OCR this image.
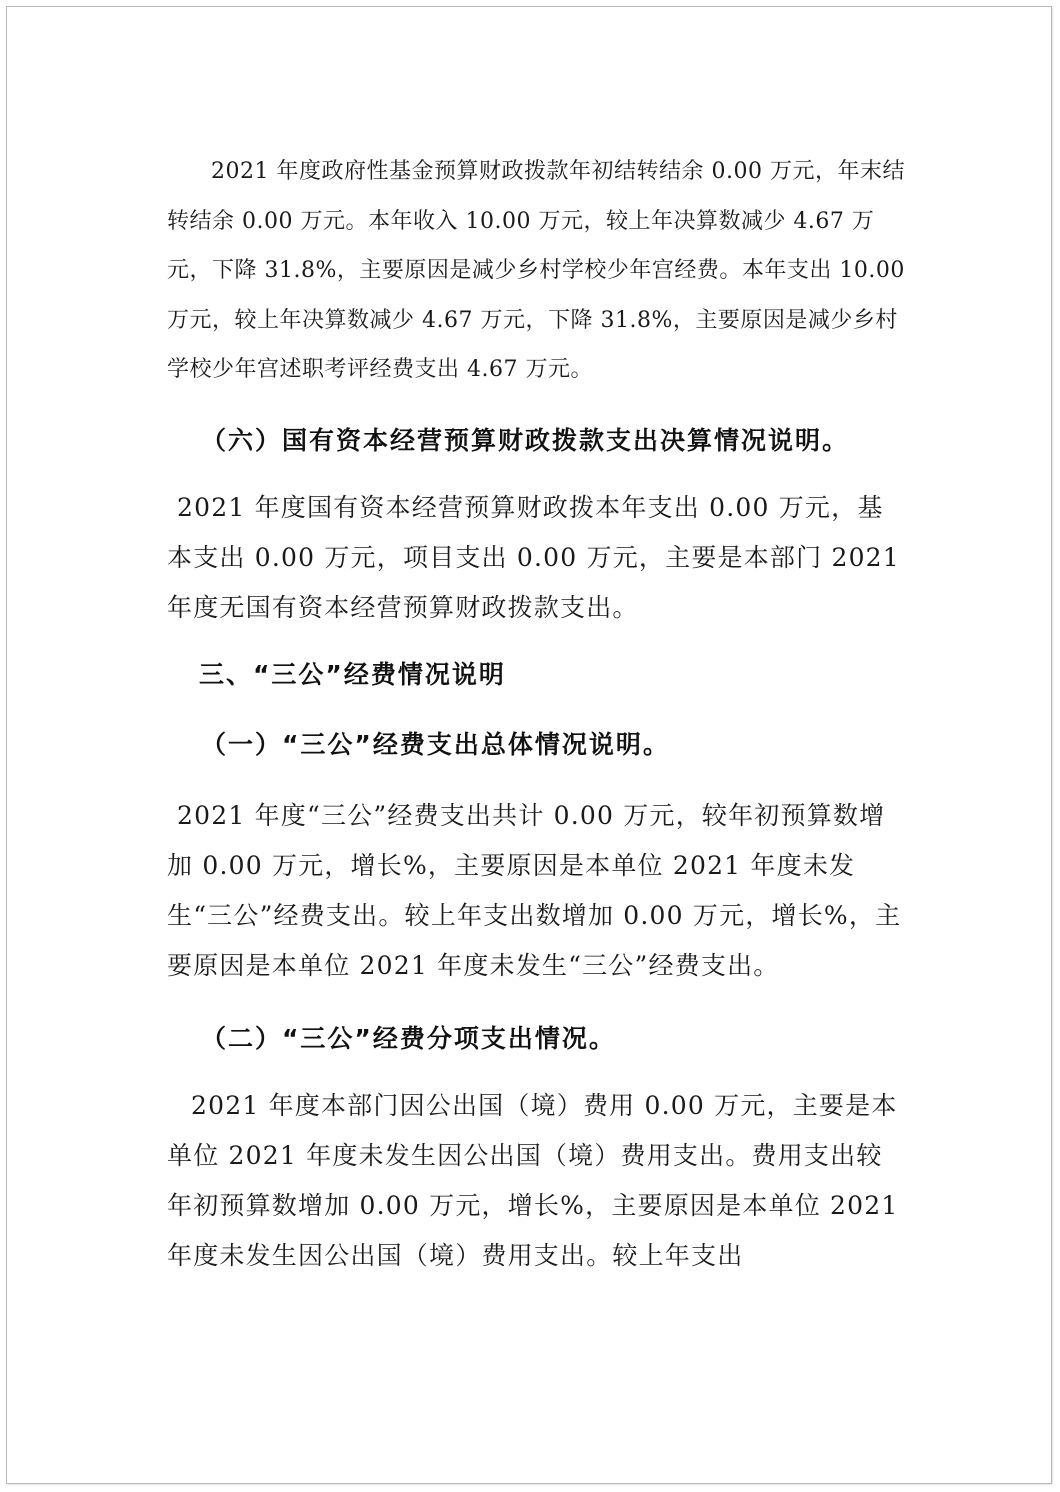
2021 年度政府性基金预算财政拨款年初结转结余 0.00 万元，年末结转结余 0.00 万元。本年收入 10.00 万元，较上年决算数减少 4.67 万元，下降 31.8%，主要原因是减少乡村学校少年宫经费。本年支出 10.00 万元，较上年决算数减少 4.67 万元，下降 31.8%，主要原因是减少乡村学校少年宫述职考评经费支出 4.67 万元。

（六）国有资本经营预算财政拨款支出决算情况说明。

2021 年度国有资本经营预算财政拨本年支出 0.00 万元，基本支出 0.00 万元，项目支出 0.00 万元，主要是本部门 2021 年度无国有资本经营预算财政拨款支出。

三、“三公”经费情况说明

（一）“三公”经费支出总体情况说明。

2021 年度“三公”经费支出共计 0.00 万元，较年初预算数增加 0.00 万元，增长%，主要原因是本单位 2021 年度未发生“三公”经费支出。较上年支出数增加 0.00 万元，增长%，主要原因是本单位 2021 年度未发生“三公”经费支出。

（二）“三公”经费分项支出情况。

2021 年度本部门因公出国（境）费用 0.00 万元，主要是本单位 2021 年度未发生因公出国（境）费用支出。费用支出较年初预算数增加 0.00 万元，增长%，主要原因是本单位 2021 年度未发生因公出国（境）费用支出。较上年支出
